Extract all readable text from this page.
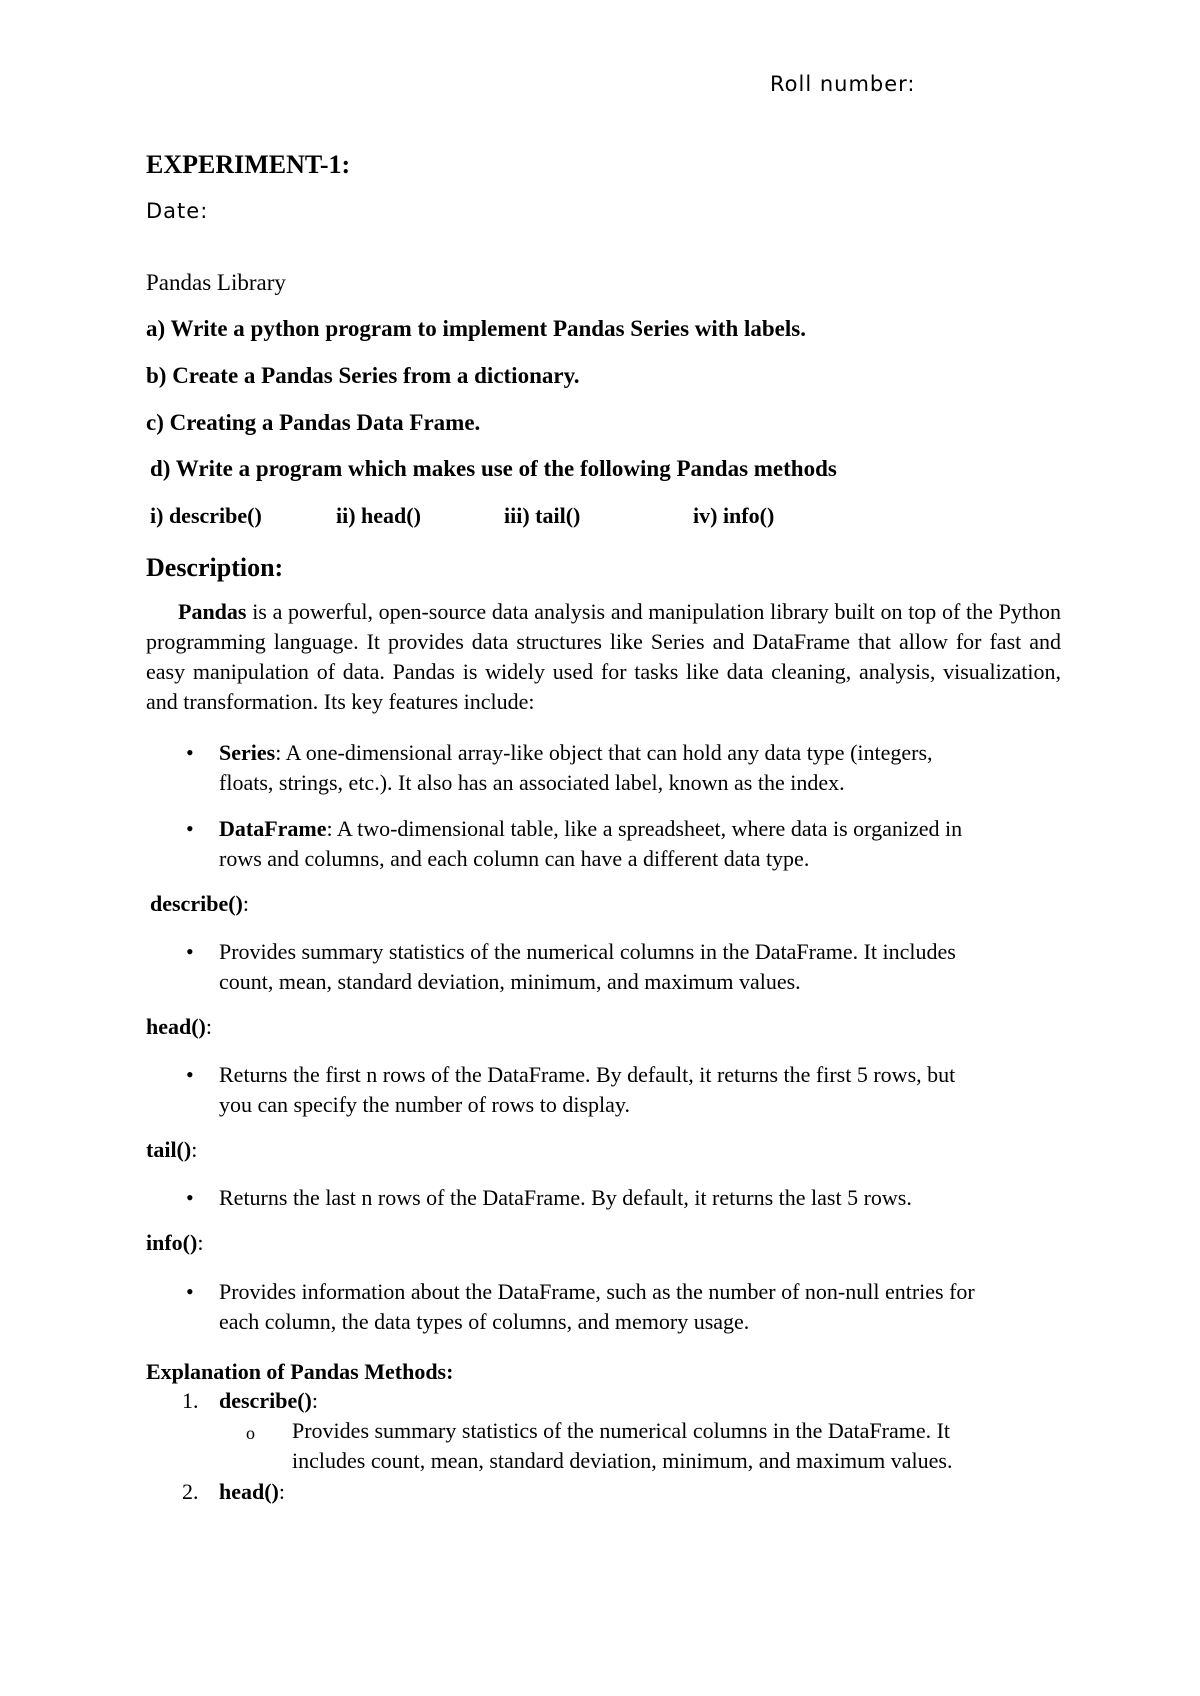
Roll number:
EXPERIMENT-1:
Date:
Pandas Library
a) Write a python program to implement Pandas Series with labels.
b) Create a Pandas Series from a dictionary.
c) Creating a Pandas Data Frame.
d) Write a program which makes use of the following Pandas methods
i) describe()	ii) head()	iii) tail()	iv) info()
Description:
Pandas is a powerful, open-source data analysis and manipulation library built on top of the Python programming language. It provides data structures like Series and DataFrame that allow for fast and easy manipulation of data. Pandas is widely used for tasks like data cleaning, analysis, visualization, and transformation. Its key features include:
•	Series: A one-dimensional array-like object that can hold any data type (integers,
floats, strings, etc.). It also has an associated label, known as the index.
•	DataFrame: A two-dimensional table, like a spreadsheet, where data is organized in
rows and columns, and each column can have a different data type.
describe():
•	Provides summary statistics of the numerical columns in the DataFrame. It includes
count, mean, standard deviation, minimum, and maximum values.
head():
•	Returns the first n rows of the DataFrame. By default, it returns the first 5 rows, but
you can specify the number of rows to display.
tail():
•	Returns the last n rows of the DataFrame. By default, it returns the last 5 rows.
info():
•	Provides information about the DataFrame, such as the number of non-null entries for
each column, the data types of columns, and memory usage.
Explanation of Pandas Methods:
1. describe():
o Provides summary statistics of the numerical columns in the DataFrame. It
includes count, mean, standard deviation, minimum, and maximum values.
2. head():
